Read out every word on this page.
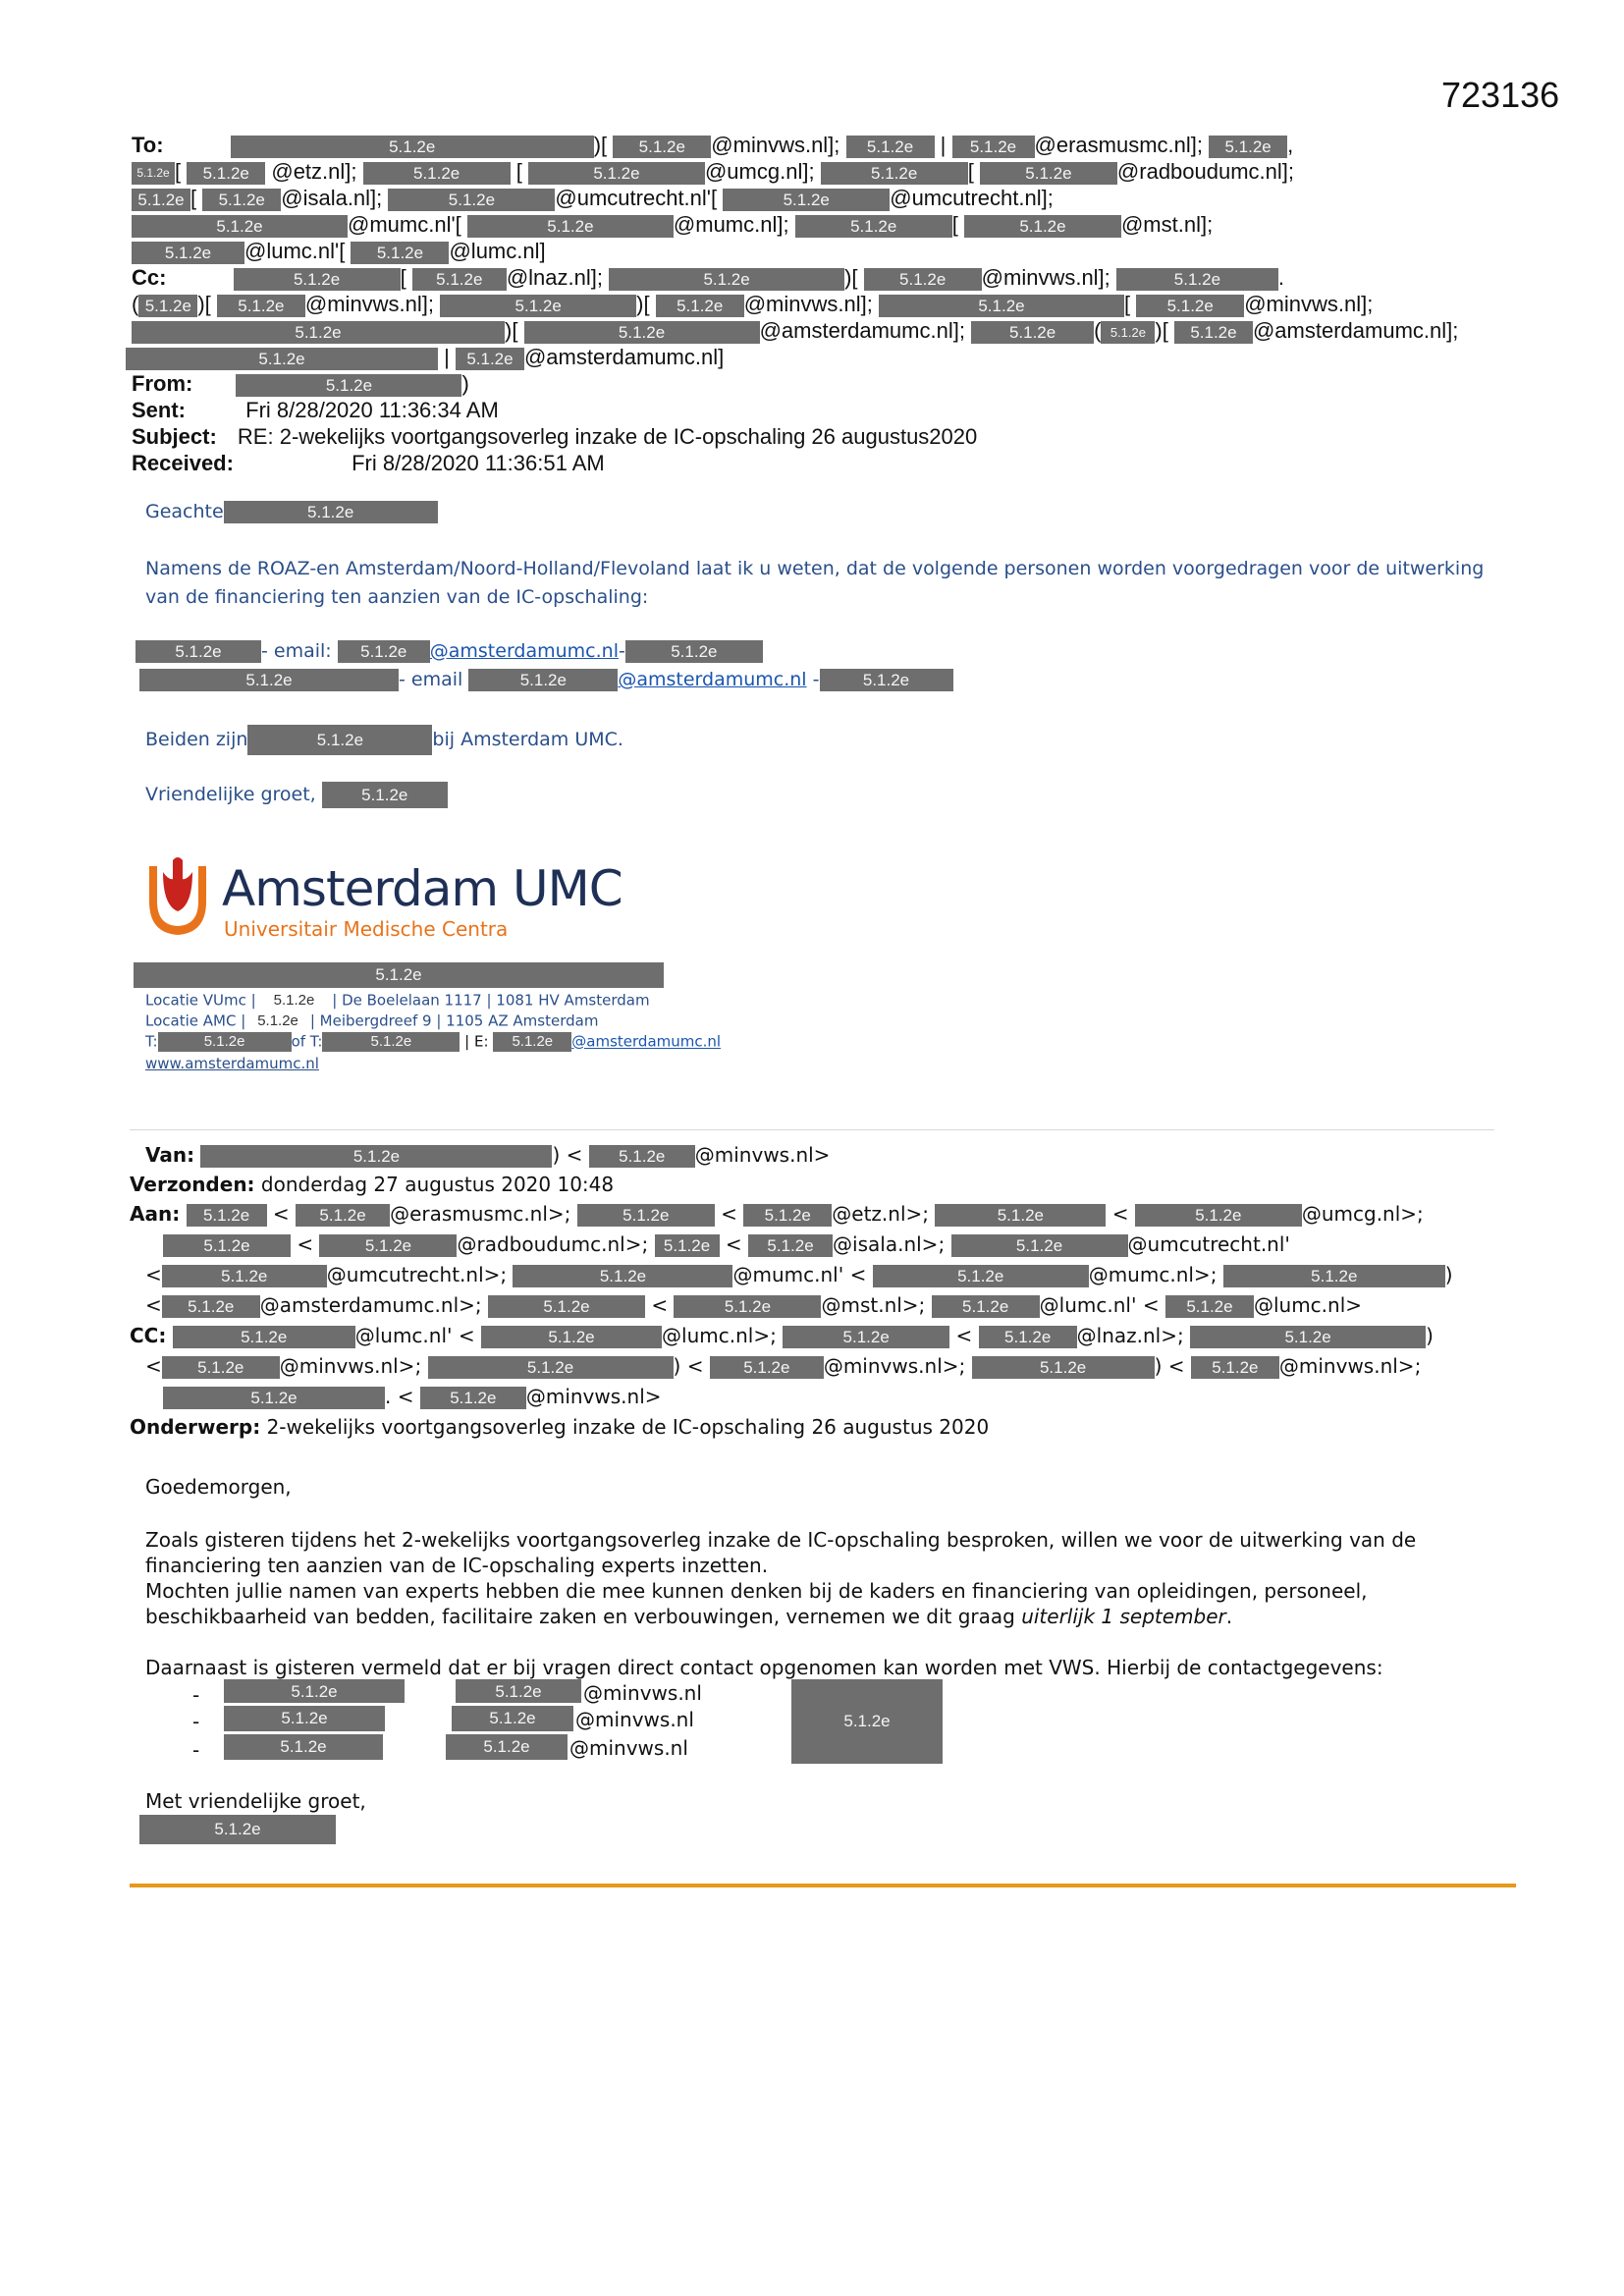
723136
To:	5.1.2e	)[ 5.1.2e @minvws.nl]; 5.1.2e | 5.1.2e @erasmusmc.nl]; 5.1.2e ,
5.1.2e [ 5.1.2e @etz.nl];	5.1.2e [	5.1.2e	@umcg.nl];	5.1.2e [	5.1.2e @radboudumc.nl];
5.1.2e [ 5.1.2e @isala.nl];	5.1.2e	@umcutrecht.nl'[	5.1.2e	@umcutrecht.nl];
5.1.2e	@mumc.nl'[	5.1.2e	@mumc.nl];	5.1.2e	[	5.1.2e	@mst.nl];
5.1.2e @lumc.nl'[ 5.1.2e @lumc.nl]
Cc:	5.1.2e	[ 5.1.2e @lnaz.nl];	5.1.2e	)[ 5.1.2e @minvws.nl];	5.1.2e	.
( 5.1.2e )[ 5.1.2e @minvws.nl];	5.1.2e	)[ 5.1.2e @minvws.nl];	5.1.2e	[ 5.1.2e @minvws.nl];
5.1.2e	)[	5.1.2e	@amsterdamumc.nl];	5.1.2e ( 5.1.2e )[ 5.1.2e @amsterdamumc.nl];
5.1.2e	| 5.1.2e @amsterdamumc.nl]
From:	5.1.2e	)
Sent:	Fri 8/28/2020 11:36:34 AM
Subject: RE: 2-wekelijks voortgangsoverleg inzake de IC-opschaling 26 augustus2020
Received:	Fri 8/28/2020 11:36:51 AM
Geachte	5.1.2e
Namens de ROAZ-en Amsterdam/Noord-Holland/Flevoland laat ik u weten, dat de volgende personen worden voorgedragen voor de uitwerking
van de financiering ten aanzien van de IC-opschaling:
5.1.2e - email: 5.1.2e @amsterdamumc.nl-	5.1.2e
5.1.2e	- email	5.1.2e	@amsterdamumc.nl -	5.1.2e
Beiden zijn	5.1.2e	bij Amsterdam UMC.
Vriendelijke groet,	5.1.2e
Amsterdam UMC
Universitair Medische Centra
5.1.2e
Locatie VUmc | 5.1.2e | De Boelelaan 1117 | 1081 HV Amsterdam
Locatie AMC | 5.1.2e | Meibergdreef 9 | 1105 AZ Amsterdam
T:	5.1.2e	of T:	5.1.2e	| E: 5.1.2e @amsterdamumc.nl
www.amsterdamumc.nl
Van:	5.1.2e	) < 5.1.2e @minvws.nl>
Verzonden: donderdag 27 augustus 2020 10:48
Aan: 5.1.2e < 5.1.2e @erasmusmc.nl>;	5.1.2e < 5.1.2e @etz.nl>;	5.1.2e	<	5.1.2e	@umcg.nl>;
5.1.2e <	5.1.2e @radboudumc.nl>; 5.1.2e < 5.1.2e @isala.nl>;	5.1.2e	@umcutrecht.nl'
<	5.1.2e	@umcutrecht.nl>;	5.1.2e	@mumc.nl' <	5.1.2e	@mumc.nl>;	5.1.2e	)
< 5.1.2e @amsterdamumc.nl>;	5.1.2e	<	5.1.2e	@mst.nl>; 5.1.2e @lumc.nl' < 5.1.2e @lumc.nl>
CC:	5.1.2e	@lumc.nl' <	5.1.2e	@lumc.nl>;	5.1.2e	< 5.1.2e @lnaz.nl>;	5.1.2e	)
< 5.1.2e @minvws.nl>;	5.1.2e	) < 5.1.2e @minvws.nl>;	5.1.2e	) < 5.1.2e @minvws.nl>;
5.1.2e	. < 5.1.2e @minvws.nl>
Onderwerp: 2-wekelijks voortgangsoverleg inzake de IC-opschaling 26 augustus 2020
Goedemorgen,
Zoals gisteren tijdens het 2-wekelijks voortgangsoverleg inzake de IC-opschaling besproken, willen we voor de uitwerking van de
financiering ten aanzien van de IC-opschaling experts inzetten.
Mochten jullie namen van experts hebben die mee kunnen denken bij de kaders en financiering van opleidingen, personeel,
beschikbaarheid van bedden, facilitaire zaken en verbouwingen, vernemen we dit graag uiterlijk 1 september.
Daarnaast is gisteren vermeld dat er bij vragen direct contact opgenomen kan worden met VWS. Hierbij de contactgegevens:
-	5.1.2e	5.1.2e	@minvws.nl
-	5.1.2e	5.1.2e	@minvws.nl
-	5.1.2e	5.1.2e	@minvws.nl
5.1.2e
Met vriendelijke groet,
5.1.2e
